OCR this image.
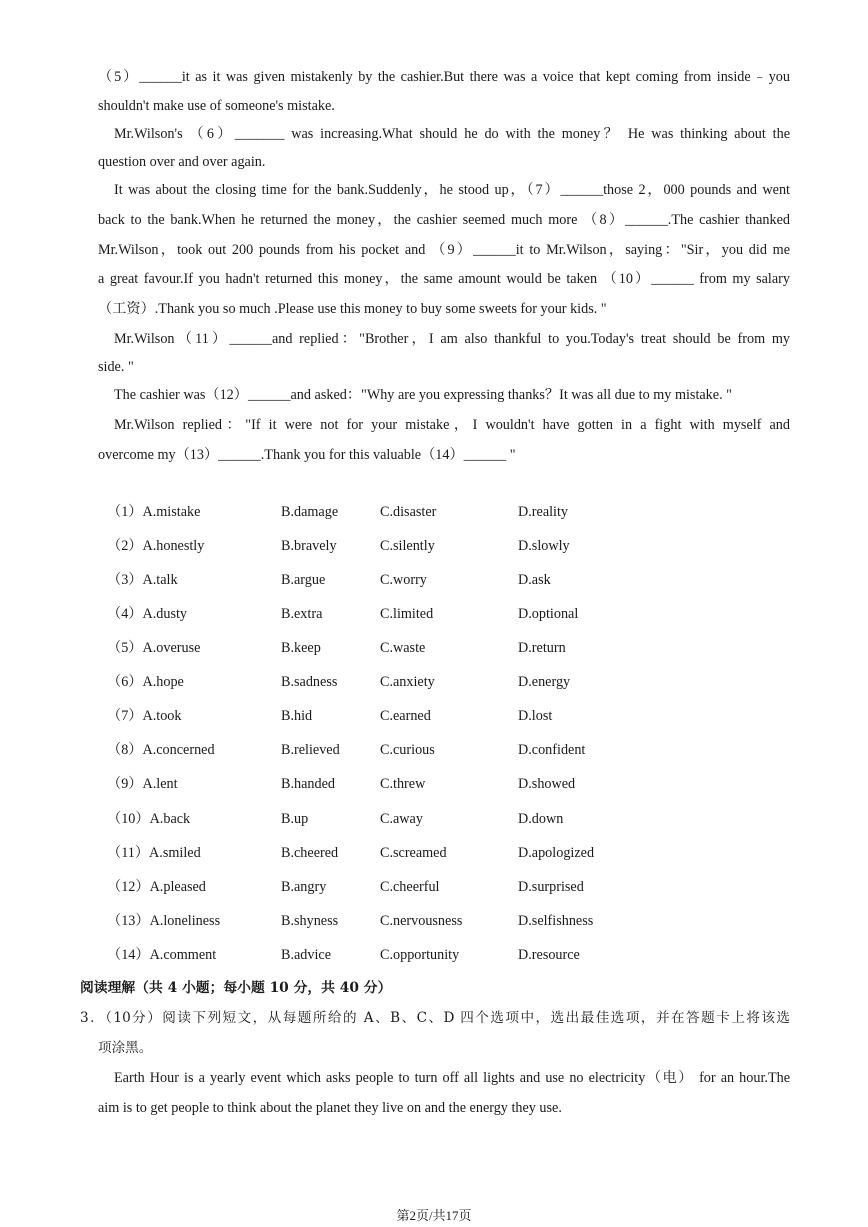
（5）______it as it was given mistakenly by the cashier.But there was a voice that kept coming from inside﹣you
shouldn't make use of someone's mistake.
Mr.Wilson's （6）_______ was increasing.What should he do with the money？ He was thinking about the
question over and over again.
It was about the closing time for the bank.Suddenly，he stood up，（7）______those 2，000 pounds and went
back to the bank.When he returned the money，the cashier seemed much more （8）______.The cashier thanked
Mr.Wilson，took out 200 pounds from his pocket and （9）______it to Mr.Wilson，saying："Sir，you did me
a great favour.If you hadn't returned this money，the same amount would be taken （10）______ from my salary
（工资）.Thank you so much .Please use this money to buy some sweets for your kids. "
Mr.Wilson（11）______and replied："Brother，I am also thankful to you.Today's treat should be from my
side. "
The cashier was（12）______and asked："Why are you expressing thanks？It was all due to my mistake. "
Mr.Wilson replied："If it were not for your mistake，I wouldn't have gotten in a fight with myself and
overcome my（13）______.Thank you for this valuable（14）______ "
（1）A.mistake	B.damage	C.disaster	D.reality
（2）A.honestly	B.bravely	C.silently	D.slowly
（3）A.talk	B.argue	C.worry	D.ask
（4）A.dusty	B.extra	C.limited	D.optional
（5）A.overuse	B.keep	C.waste	D.return
（6）A.hope	B.sadness	C.anxiety	D.energy
（7）A.took	B.hid	C.earned	D.lost
（8）A.concerned	B.relieved	C.curious	D.confident
（9）A.lent	B.handed	C.threw	D.showed
（10）A.back	B.up	C.away	D.down
（11）A.smiled	B.cheered	C.screamed	D.apologized
（12）A.pleased	B.angry	C.cheerful	D.surprised
（13）A.loneliness	B.shyness	C.nervousness	D.selfishness
（14）A.comment	B.advice	C.opportunity	D.resource
阅读理解（共 4 小题；每小题 10 分，共 40 分）
3．（10分）阅读下列短文，从每题所给的 A、B、C、D 四个选项中，选出最佳选项，并在答题卡上将该选
项涂黑。
Earth Hour is a yearly event which asks people to turn off all lights and use no electricity（电） for an hour.The
aim is to get people to think about the planet they live on and the energy they use.
第2页/共17页
